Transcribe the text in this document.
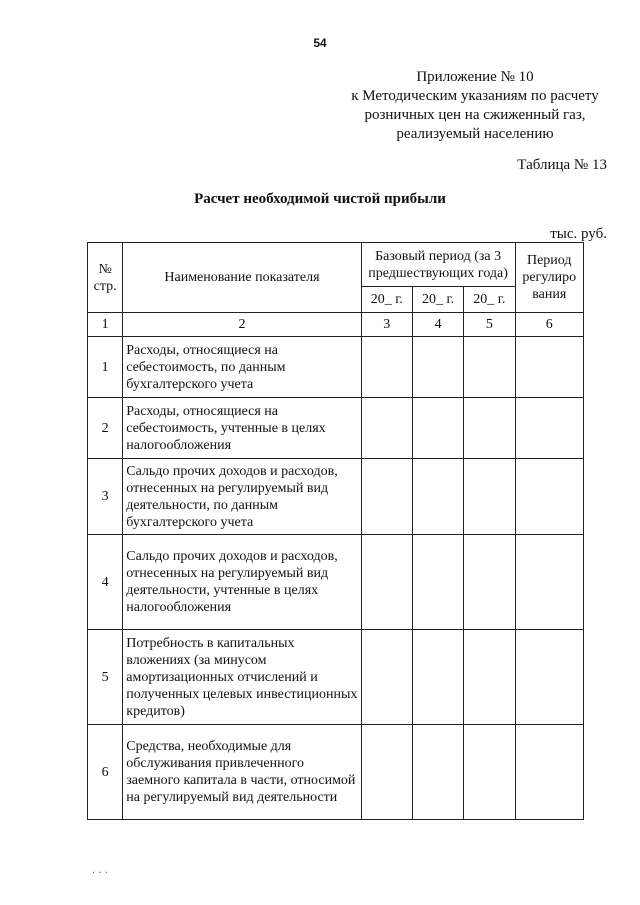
54
Приложение № 10
к Методическим указаниям по расчету
розничных цен на сжиженный газ,
реализуемый населению
Таблица № 13
Расчет необходимой чистой прибыли
тыс. руб.
№ стр.	Наименование показателя	Базовый период (за 3 предшествующих года)			Период регулиро вания
		20_ г.	20_ г.	20_ г.	
1	2	3	4	5	6
1	Расходы, относящиеся на себестоимость, по данным бухгалтерского учета				
2	Расходы, относящиеся на себестоимость, учтенные в целях налогообложения				
3	Сальдо прочих доходов и расходов, отнесенных на регулируемый вид деятельности, по данным бухгалтерского учета				
4	Сальдо прочих доходов и расходов, отнесенных на регулируемый вид деятельности, учтенные в целях налогообложения				
5	Потребность в капитальных вложениях (за минусом амортизационных отчислений и полученных целевых инвестиционных кредитов)				
6	Средства, необходимые для обслуживания привлеченного заемного капитала в части, относимой на регулируемый вид деятельности				
· · ·
